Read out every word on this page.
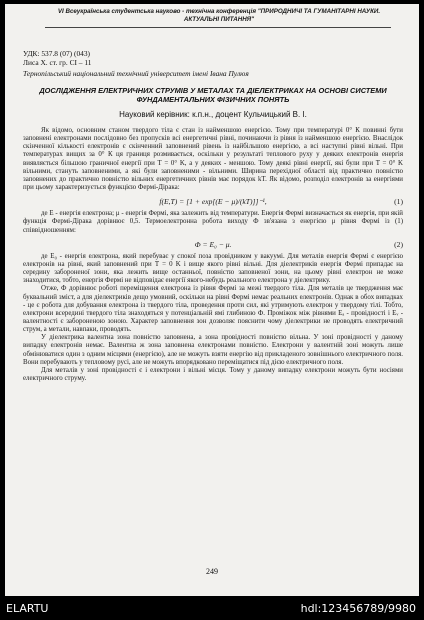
VI Всеукраїнська студентська науково - технічна конференція "ПРИРОДНИЧІ ТА ГУМАНІТАРНІ НАУКИ. АКТУАЛЬНІ ПИТАННЯ"
УДК: 537.8 (07) (043)
Лиса Х. ст. гр. СІ – 11
Тернопільський національний технічний університет імені Івана Пулюя
ДОСЛІДЖЕННЯ ЕЛЕКТРИЧНИХ СТРУМІВ У МЕТАЛАХ ТА ДІЕЛЕКТРИКАХ НА ОСНОВІ СИСТЕМИ ФУНДАМЕНТАЛЬНИХ ФІЗИЧНИХ ПОНЯТЬ
Науковий керівник: к.п.н., доцент Кульчицький В. І.

Як відомо, основним станом твердого тіла є стан із найменшою енергією. Тому при температурі 0° К повинні бути заповнені електронами послідовно без пропусків всі енергетичні рівні, починаючи із рівня із найменшою енергією. Внаслідок скінченної кількості електронів є скінченний заповнений рівень із найбільшою енергією, а всі наступні рівні вільні. При температурах вищих за 0° К ця границя розмивається, оскільки у результаті теплового руху у деяких електронів енергія виявляється більшою граничної енергії при T = 0° K, а у деяких - меншою. Тому деякі рівні енергії, які були при T = 0° K вільними, стануть заповненими, а які були заповненими - вільними. Ширина перехідної області від практично повністю заповнених до практично повністю вільних енергетичних рівнів має порядок kT. Як відомо, розподіл електронів за енергіями при цьому характеризується функцією Фермі-Дірака:

f(E,T) = [1 + exp[(E − μ)/(kT)]]⁻¹,	(1)

де E - енергія електрона; μ - енергія Фермі, яка залежить від температури. Енергія Фермі визначається як енергія, при якій функція Фермі-Дірака дорівнює 0,5. Термоелектронна робота виходу Ф зв'язана з енергією μ рівня Фермі із (1) співвідношенням:

Ф = E₀ − μ.	(2)

де E₀ - енергія електрона, який перебуває у спокої поза провідником у вакуумі. Для металів енергія Фермі є енергією електронів на рівні, який заповнений при T = 0 K і вище якого рівні вільні. Для діелектриків енергія Фермі припадає на середину забороненої зони, яка лежить вище останньої, повністю заповненої зони, на цьому рівні електрон не може знаходитися, тобто, енергія Фермі не відповідає енергії якого-небудь реального електрона у діелектрику.

Отже, Ф дорівнює роботі переміщення електрона із рівня Фермі за межі твердого тіла. Для металів це твердження має буквальний зміст, а для діелектриків дещо умовний, оскільки на рівні Фермі немає реальних електронів. Однак в обох випадках - це є робота для добування електрона із твердого тіла, проведення проти сил, які утримують електрон у твердому тілі. Тобто, електрони всередині твердого тіла знаходяться у потенціальній ямі глибиною Ф. Проміжок між рівнями Eₐ - провідності і Eᵥ - валентності є забороненою зоною. Характер заповнення зон дозволяє пояснити чому діелектрики не проводять електричний струм, а метали, навпаки, проводять.

У діелектрика валентна зона повністю заповнена, а зона провідності повністю вільна. У зоні провідності у даному випадку електронів немає. Валентна ж зона заповнена електронами повністю. Електрони у валентній зоні можуть лише обмінюватися один з одним місцями (енергією), але не можуть взяти енергію від прикладеного зовнішнього електричного поля. Вони перебувають у тепловому русі, але не можуть впорядковано переміщатися під дією електричного поля.

Для металів у зоні провідності є і електрони і вільні місця. Тому у даному випадку електрони можуть бути носіями електричного струму.

249
ELARTU	hdl:123456789/9980
